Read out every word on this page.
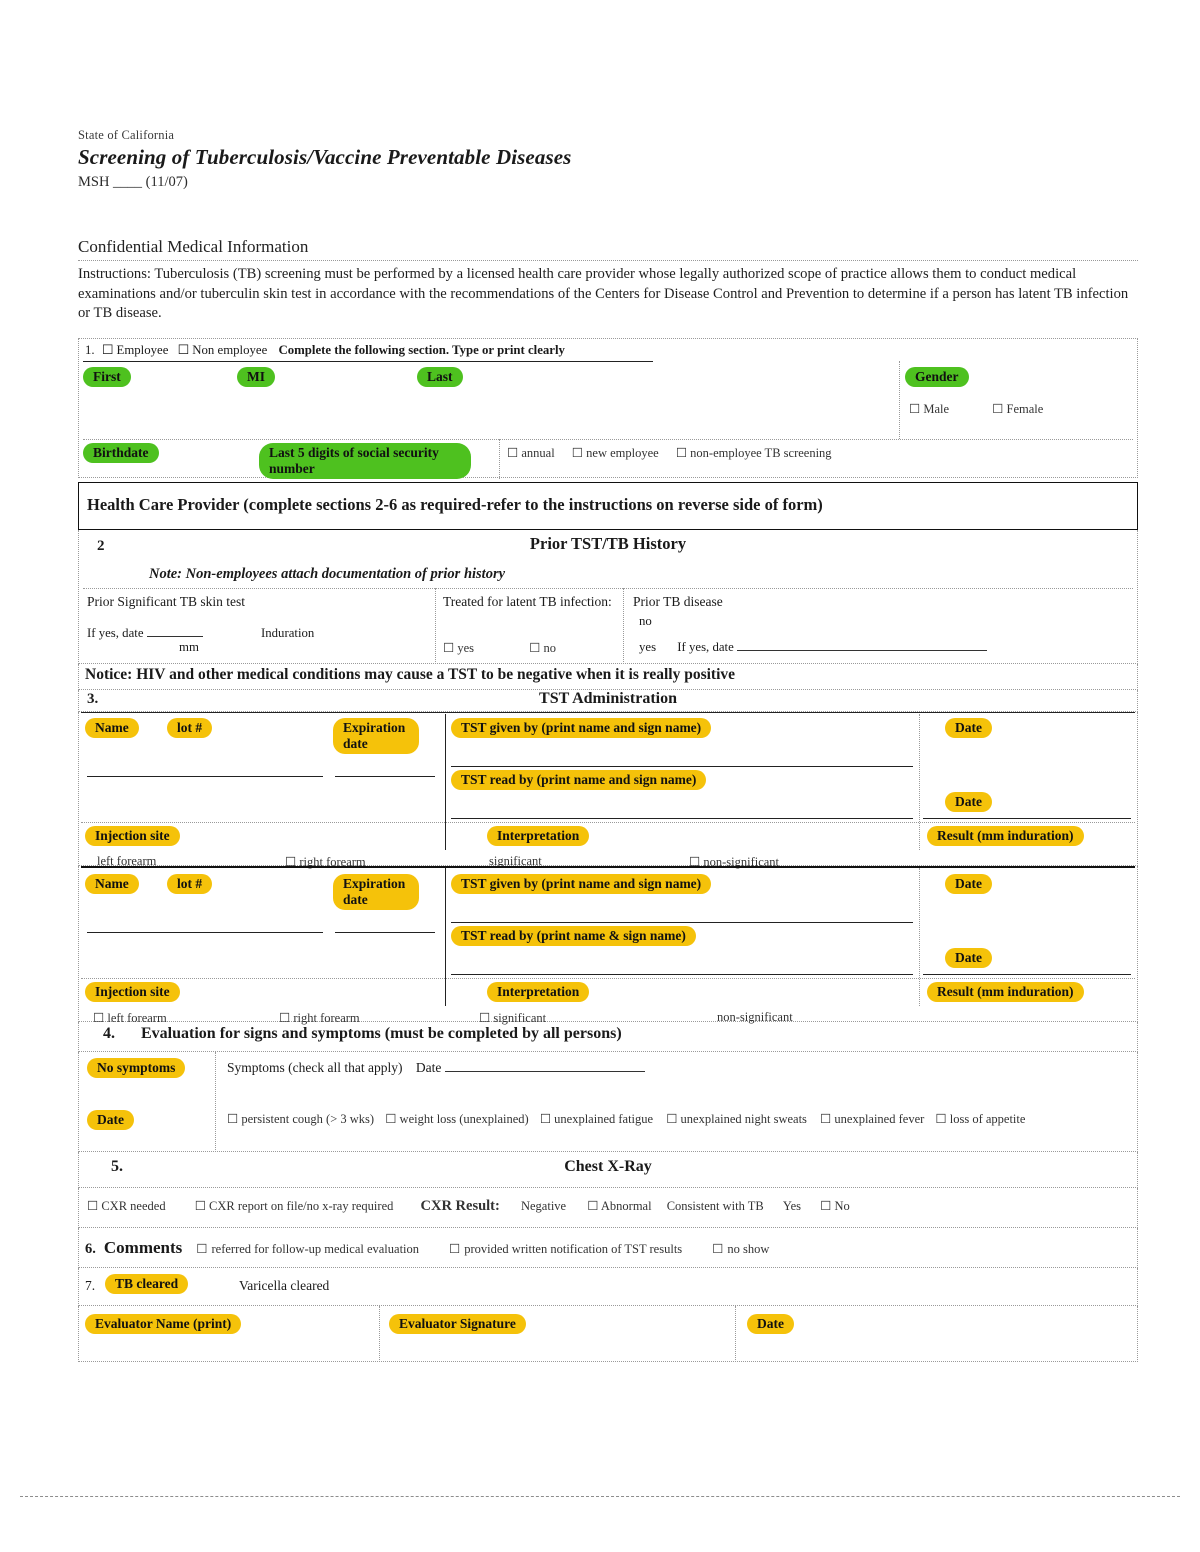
State of California
Screening of Tuberculosis/Vaccine Preventable Diseases
MSH ____ (11/07)
Confidential Medical Information
Instructions: Tuberculosis (TB) screening must be performed by a licensed health care provider whose legally authorized scope of practice allows them to conduct medical examinations and/or tuberculin skin test in accordance with the recommendations of the Centers for Disease Control and Prevention to determine if a person has latent TB infection or TB disease.
1. ☐ Employee ☐ Non employee Complete the following section. Type or print clearly
First	MI	Last	Gender
☐ Male	☐ Female
Birthdate	Last 5 digits of social security number
☐ annual ☐ new employee ☐ non-employee TB screening
Health Care Provider (complete sections 2-6 as required-refer to the instructions on reverse side of form)
2	Prior TST/TB History
Note: Non-employees attach documentation of prior history
Prior Significant TB skin test
If yes, date
mm
Induration
Treated for latent TB infection:
☐ yes	☐ no
Prior TB disease
no
yes If yes, date
Notice: HIV and other medical conditions may cause a TST to be negative when it is really positive
3.	TST Administration
Name	lot #	Expiration date
TST given by (print name and sign name)	Date
TST read by (print name and sign name)
Date
Injection site	Interpretation	Result (mm induration)
left forearm	☐ right forearm	significant	☐ non-significant
Name	lot #	Expiration date
TST given by (print name and sign name)	Date
TST read by (print name & sign name)
Date
Injection site	Interpretation	Result (mm induration)
☐ left forearm	☐ right forearm	☐ significant	non-significant
4. Evaluation for signs and symptoms (must be completed by all persons)
No symptoms
Date
Symptoms (check all that apply) Date
☐ persistent cough (> 3 wks) ☐ weight loss (unexplained) ☐ unexplained fatigue ☐ unexplained night sweats ☐ unexplained fever ☐ loss of appetite
5.	Chest X-Ray
☐ CXR needed ☐ CXR report on file/no x-ray required CXR Result: Negative ☐ Abnormal Consistent with TB Yes ☐ No
6. Comments ☐ referred for follow-up medical evaluation ☐ provided written notification of TST results ☐ no show
7.	TB cleared	Varicella cleared
Evaluator Name (print)	Evaluator Signature	Date
